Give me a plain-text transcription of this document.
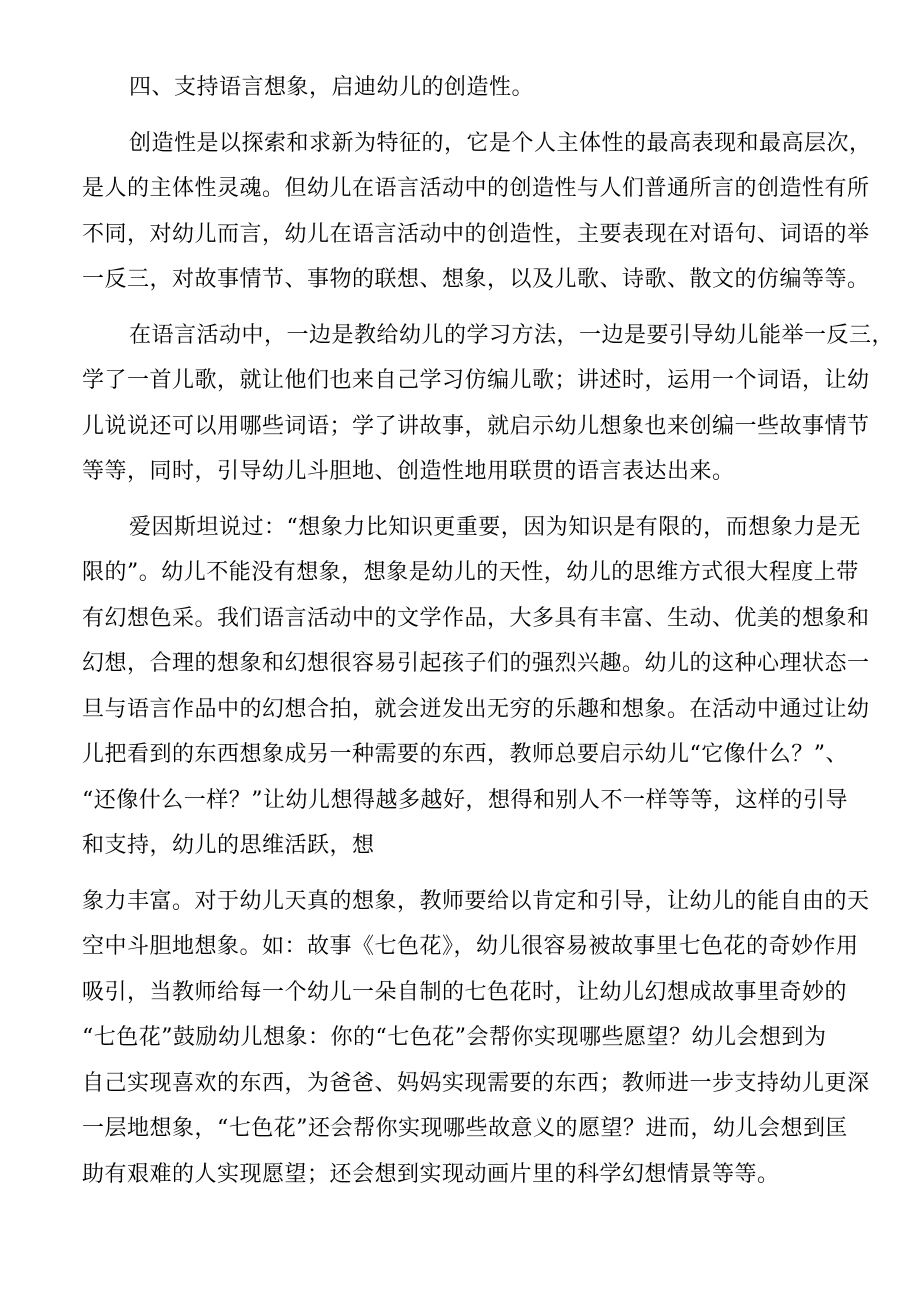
四、支持语言想象，启迪幼儿的创造性。
创造性是以探索和求新为特征的，它是个人主体性的最高表现和最高层次，
是人的主体性灵魂。但幼儿在语言活动中的创造性与人们普通所言的创造性有所
不同，对幼儿而言，幼儿在语言活动中的创造性，主要表现在对语句、词语的举
一反三，对故事情节、事物的联想、想象，以及儿歌、诗歌、散文的仿编等等。
在语言活动中，一边是教给幼儿的学习方法，一边是要引导幼儿能举一反三，
学了一首儿歌，就让他们也来自己学习仿编儿歌；讲述时，运用一个词语，让幼
儿说说还可以用哪些词语；学了讲故事，就启示幼儿想象也来创编一些故事情节
等等，同时，引导幼儿斗胆地、创造性地用联贯的语言表达出来。
爱因斯坦说过：“想象力比知识更重要，因为知识是有限的，而想象力是无
限的”。幼儿不能没有想象，想象是幼儿的天性，幼儿的思维方式很大程度上带
有幻想色采。我们语言活动中的文学作品，大多具有丰富、生动、优美的想象和
幻想，合理的想象和幻想很容易引起孩子们的强烈兴趣。幼儿的这种心理状态一
旦与语言作品中的幻想合拍，就会迸发出无穷的乐趣和想象。在活动中通过让幼
儿把看到的东西想象成另一种需要的东西，教师总要启示幼儿“它像什么？”、
“还像什么一样？”让幼儿想得越多越好，想得和别人不一样等等，这样的引导
和支持，幼儿的思维活跃，想
象力丰富。对于幼儿天真的想象，教师要给以肯定和引导，让幼儿的能自由的天
空中斗胆地想象。如：故事《七色花》，幼儿很容易被故事里七色花的奇妙作用
吸引，当教师给每一个幼儿一朵自制的七色花时，让幼儿幻想成故事里奇妙的
“七色花”鼓励幼儿想象：你的“七色花”会帮你实现哪些愿望？幼儿会想到为
自己实现喜欢的东西，为爸爸、妈妈实现需要的东西；教师进一步支持幼儿更深
一层地想象，“七色花”还会帮你实现哪些故意义的愿望？进而，幼儿会想到匡
助有艰难的人实现愿望；还会想到实现动画片里的科学幻想情景等等。
